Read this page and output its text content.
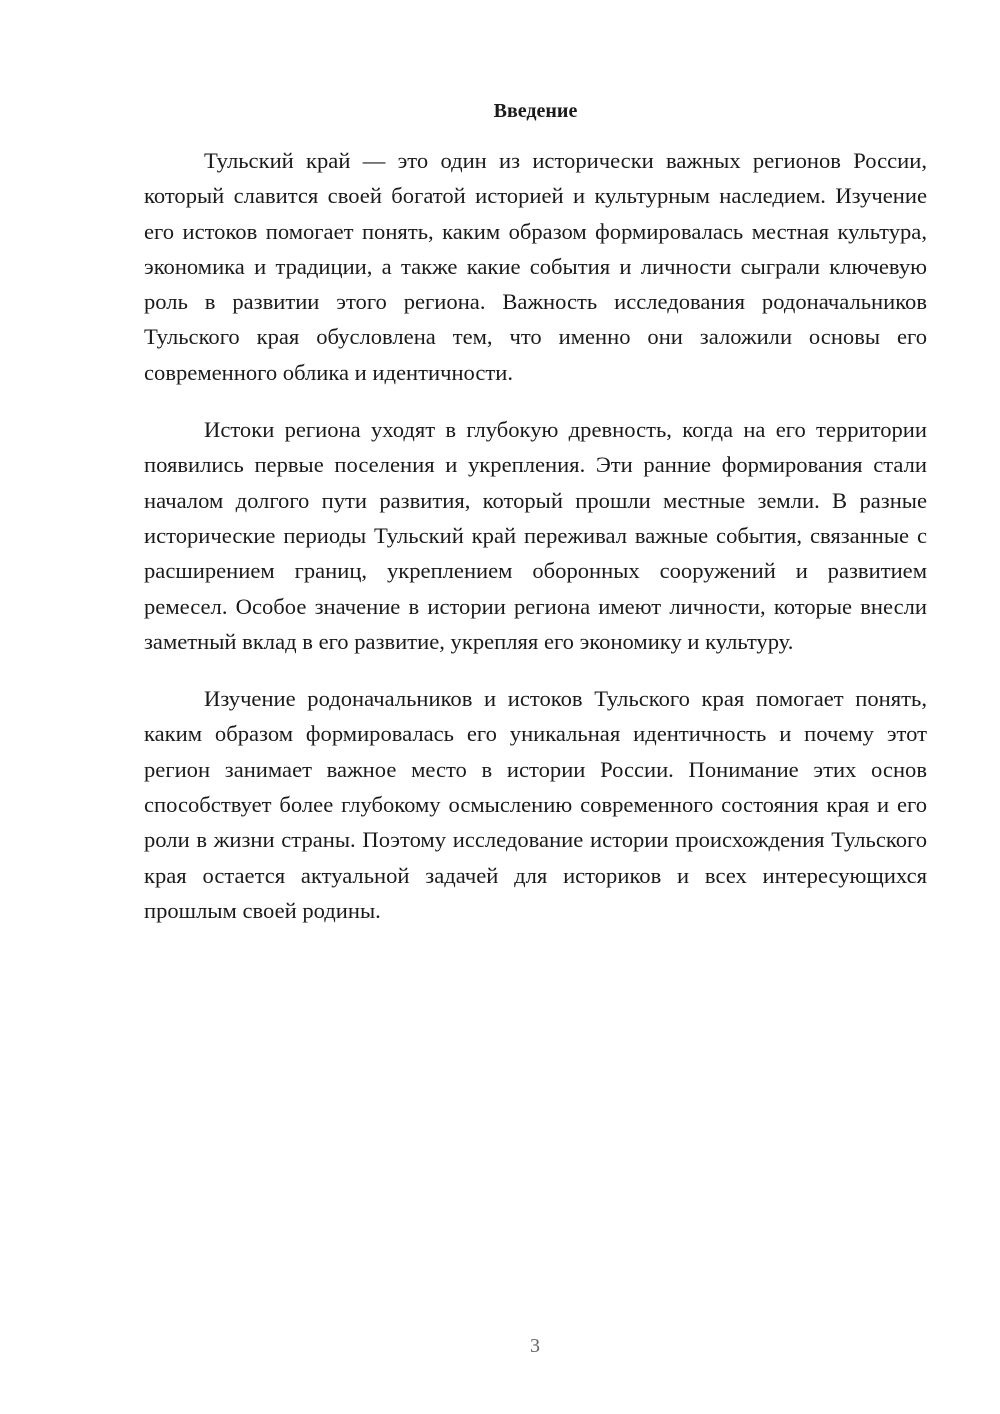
Введение

Тульский край — это один из исторически важных регионов России, который славится своей богатой историей и культурным наследием. Изучение его истоков помогает понять, каким образом формировалась местная культура, экономика и традиции, а также какие события и личности сыграли ключевую роль в развитии этого региона. Важность исследования родоначальников Тульского края обусловлена тем, что именно они заложили основы его современного облика и идентичности.

Истоки региона уходят в глубокую древность, когда на его территории появились первые поселения и укрепления. Эти ранние формирования стали началом долгого пути развития, который прошли местные земли. В разные исторические периоды Тульский край переживал важные события, связанные с расширением границ, укреплением оборонных сооружений и развитием ремесел. Особое значение в истории региона имеют личности, которые внесли заметный вклад в его развитие, укрепляя его экономику и культуру.

Изучение родоначальников и истоков Тульского края помогает понять, каким образом формировалась его уникальная идентичность и почему этот регион занимает важное место в истории России. Понимание этих основ способствует более глубокому осмыслению современного состояния края и его роли в жизни страны. Поэтому исследование истории происхождения Тульского края остается актуальной задачей для историков и всех интересующихся прошлым своей родины.

3
